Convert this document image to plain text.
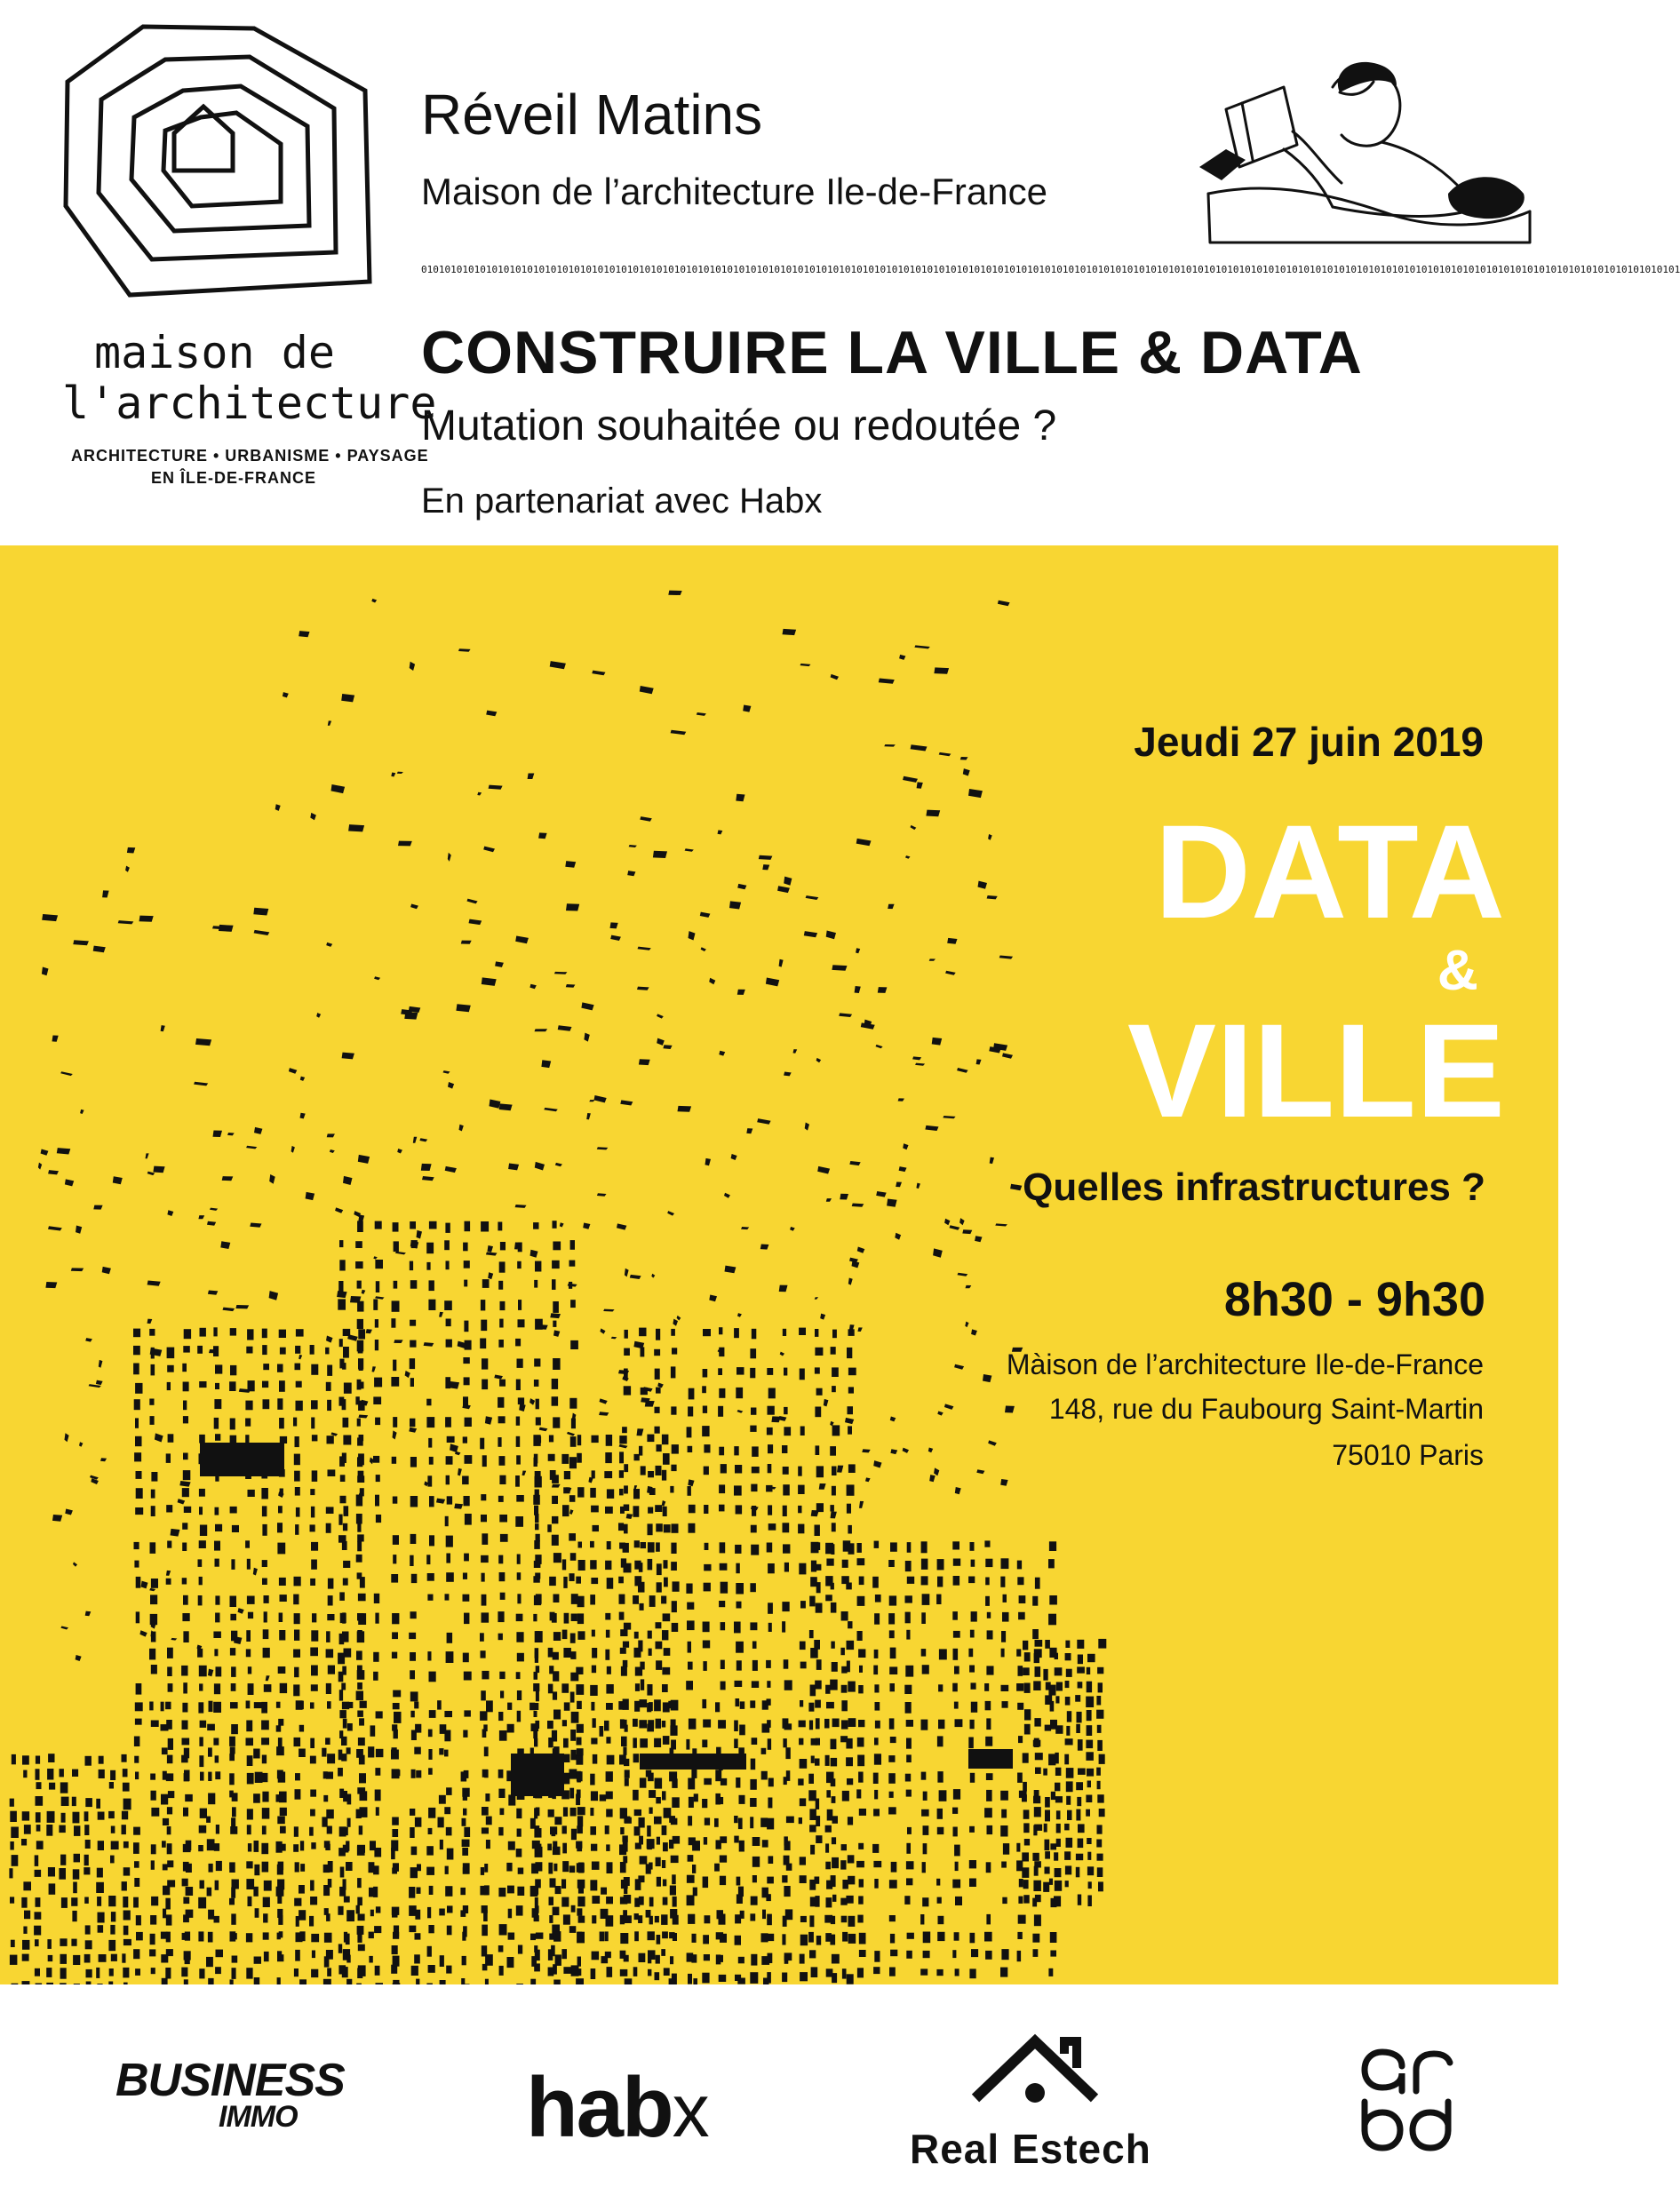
maison de
l'architecture
ARCHITECTURE • URBANISME • PAYSAGE
EN ÎLE-DE-FRANCE
Réveil Matins
Maison de l’architecture Ile-de-France
0101010101010101010101010101010101010101010101010101010101010101010101010101010101010101010101010101010101010101010101010101010101010101010101010101010101010101010101010101010101010101010101010101010101010101010101
CONSTRUIRE LA VILLE & DATA
Mutation souhaitée ou redoutée ?
En partenariat avec Habx
Jeudi 27 juin 2019
DATA
&
VILLE
Quelles infrastructures ?
8h30 - 9h30
Màison de l’architecture Ile-de-France
148, rue du Faubourg Saint-Martin
75010 Paris
BUSINESS
IMMO	habx	Real Estech
